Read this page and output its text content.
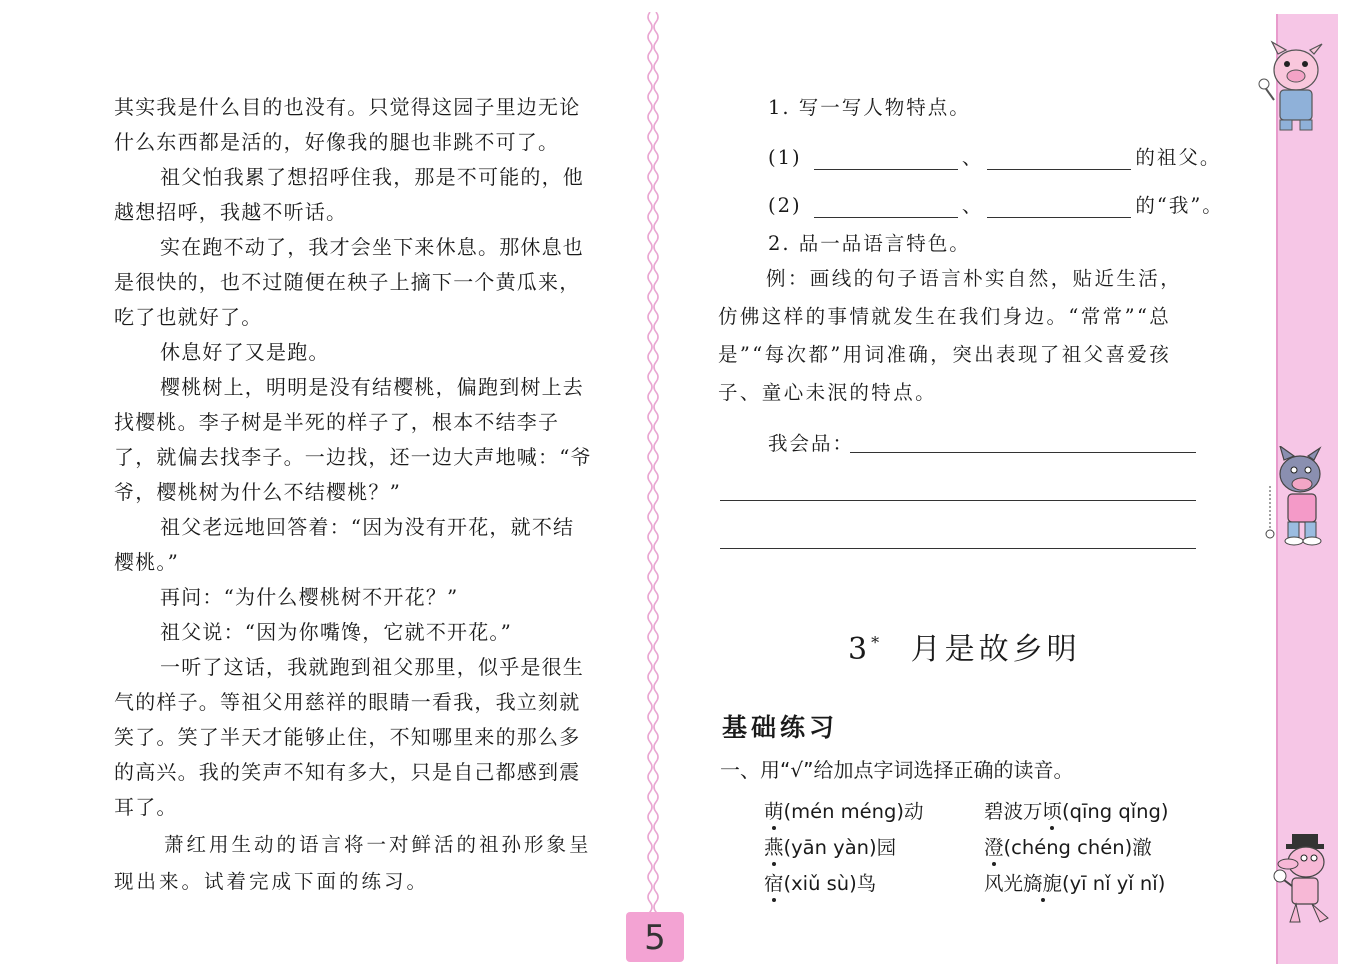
其实我是什么目的也没有。只觉得这园子里边无论什么东西都是活的，好像我的腿也非跳不可了。

祖父怕我累了想招呼住我，那是不可能的，他越想招呼，我越不听话。

实在跑不动了，我才会坐下来休息。那休息也是很快的，也不过随便在秧子上摘下一个黄瓜来，吃了也就好了。

休息好了又是跑。

樱桃树上，明明是没有结樱桃，偏跑到树上去找樱桃。李子树是半死的样子了，根本不结李子了，就偏去找李子。一边找，还一边大声地喊：“爷爷，樱桃树为什么不结樱桃？”

祖父老远地回答着：“因为没有开花，就不结樱桃。”

再问：“为什么樱桃树不开花？”

祖父说：“因为你嘴馋，它就不开花。”

一听了这话，我就跑到祖父那里，似乎是很生气的样子。等祖父用慈祥的眼睛一看我，我立刻就笑了。笑了半天才能够止住，不知哪里来的那么多的高兴。我的笑声不知有多大，只是自己都感到震耳了。

萧红用生动的语言将一对鲜活的祖孙形象呈现出来。试着完成下面的练习。

1. 写一写人物特点。

(1)	、	的祖父。

(2)	、	的“我”。

2. 品一品语言特色。

例：画线的句子语言朴实自然，贴近生活，仿佛这样的事情就发生在我们身边。“常常”“总是”“每次都”用词准确，突出表现了祖父喜爱孩子、童心未泯的特点。

我会品：

3* 月是故乡明
基础练习
一、用“√”给加点字词选择正确的读音。
萌(mén méng)动	碧波万顷(qīng qǐng)
燕(yān yàn)园	澄(chéng chén)澈
宿(xiǔ sù)鸟	风光旖旎(yī nǐ yǐ nǐ)
5
